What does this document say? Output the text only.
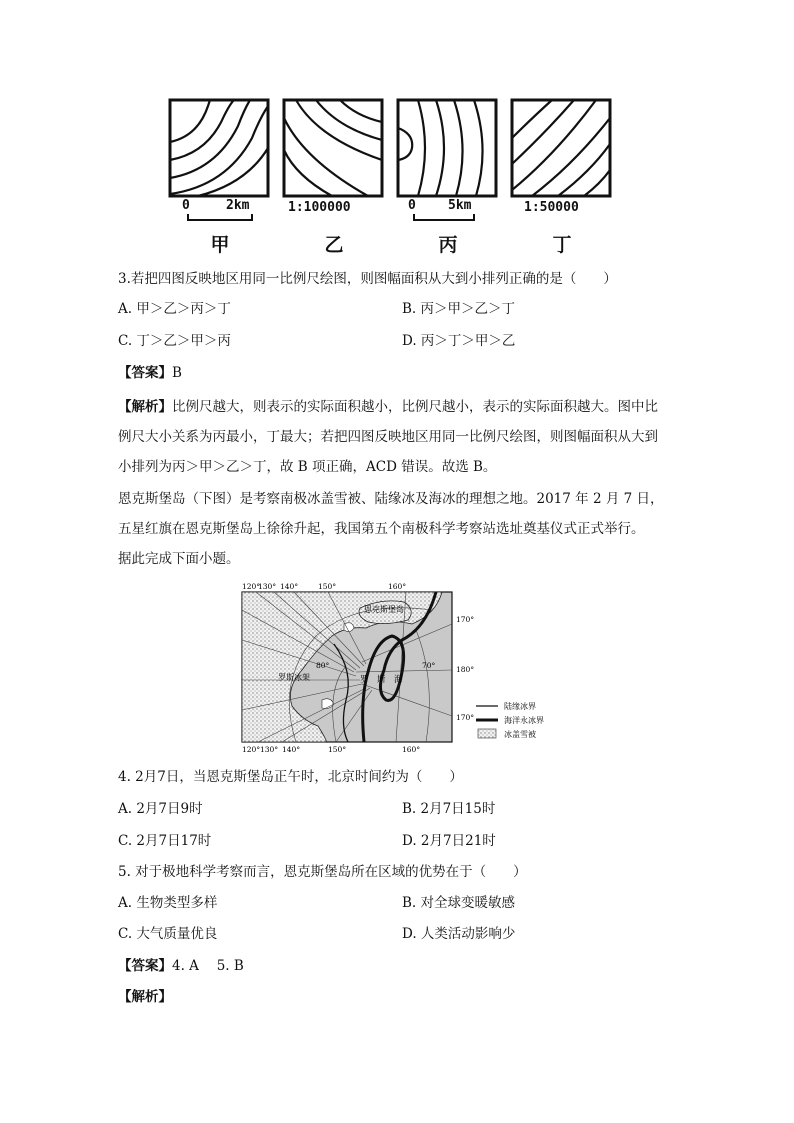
0	2km
甲
1:100000
乙
0 5km
丙
1:50000
丁
3.若把四图反映地区用同一比例尺绘图，则图幅面积从大到小排列正确的是（　　）
A. 甲＞乙＞丙＞丁	B. 丙＞甲＞乙＞丁
C. 丁＞乙＞甲＞丙	D. 丙＞丁＞甲＞乙
【答案】B
【解析】比例尺越大，则表示的实际面积越小，比例尺越小，表示的实际面积越大。图中比
例尺大小关系为丙最小，丁最大；若把四图反映地区用同一比例尺绘图，则图幅面积从大到
小排列为丙＞甲＞乙＞丁，故 B 项正确，ACD 错误。故选 B。
恩克斯堡岛（下图）是考察南极冰盖雪被、陆缘冰及海冰的理想之地。2017 年 2 月 7 日，
五星红旗在恩克斯堡岛上徐徐升起，我国第五个南极科学考察站选址奠基仪式正式举行。
据此完成下面小题。
120°
130° 140°	150°	160°
120° 130° 140°	150°	160°
170°
180°
170°
80°	70°
恩克斯堡岛
罗斯冰架	罗　斯　海
陆缘冰界
海洋永冰界
冰盖雪被
4. 2月7日，当恩克斯堡岛正午时，北京时间约为（　　）
A. 2月7日9时	B. 2月7日15时
C. 2月7日17时	D. 2月7日21时
5. 对于极地科学考察而言，恩克斯堡岛所在区域的优势在于（　　）
A. 生物类型多样	B. 对全球变暖敏感
C. 大气质量优良	D. 人类活动影响少
【答案】4. A　 5. B
【解析】
